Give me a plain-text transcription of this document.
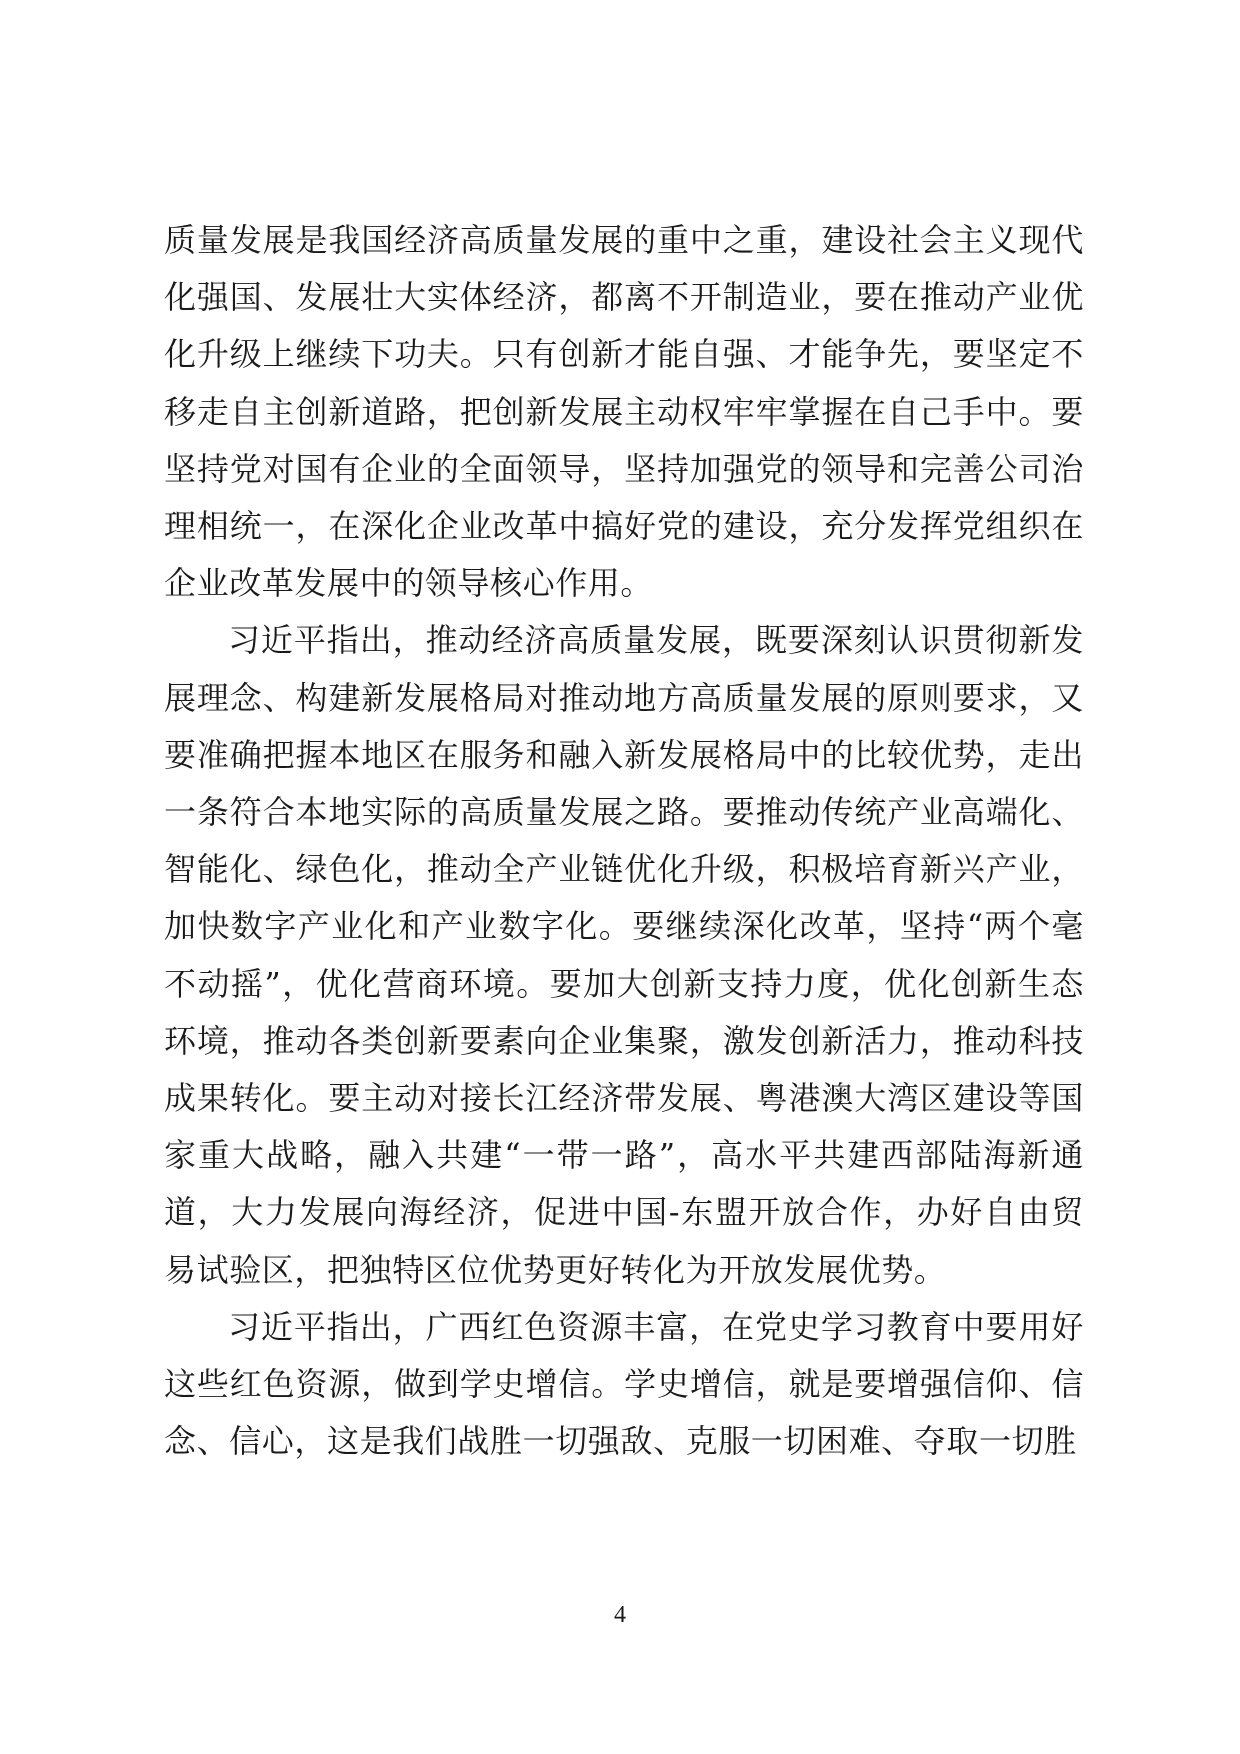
质量发展是我国经济高质量发展的重中之重，建设社会主义现代化强国、发展壮大实体经济，都离不开制造业，要在推动产业优化升级上继续下功夫。只有创新才能自强、才能争先，要坚定不移走自主创新道路，把创新发展主动权牢牢掌握在自己手中。要坚持党对国有企业的全面领导，坚持加强党的领导和完善公司治理相统一，在深化企业改革中搞好党的建设，充分发挥党组织在企业改革发展中的领导核心作用。

习近平指出，推动经济高质量发展，既要深刻认识贯彻新发展理念、构建新发展格局对推动地方高质量发展的原则要求，又要准确把握本地区在服务和融入新发展格局中的比较优势，走出一条符合本地实际的高质量发展之路。要推动传统产业高端化、智能化、绿色化，推动全产业链优化升级，积极培育新兴产业，加快数字产业化和产业数字化。要继续深化改革，坚持“两个毫不动摇”，优化营商环境。要加大创新支持力度，优化创新生态环境，推动各类创新要素向企业集聚，激发创新活力，推动科技成果转化。要主动对接长江经济带发展、粤港澳大湾区建设等国家重大战略，融入共建“一带一路”，高水平共建西部陆海新通道，大力发展向海经济，促进中国-东盟开放合作，办好自由贸易试验区，把独特区位优势更好转化为开放发展优势。

习近平指出，广西红色资源丰富，在党史学习教育中要用好这些红色资源，做到学史增信。学史增信，就是要增强信仰、信念、信心，这是我们战胜一切强敌、克服一切困难、夺取一切胜

4
